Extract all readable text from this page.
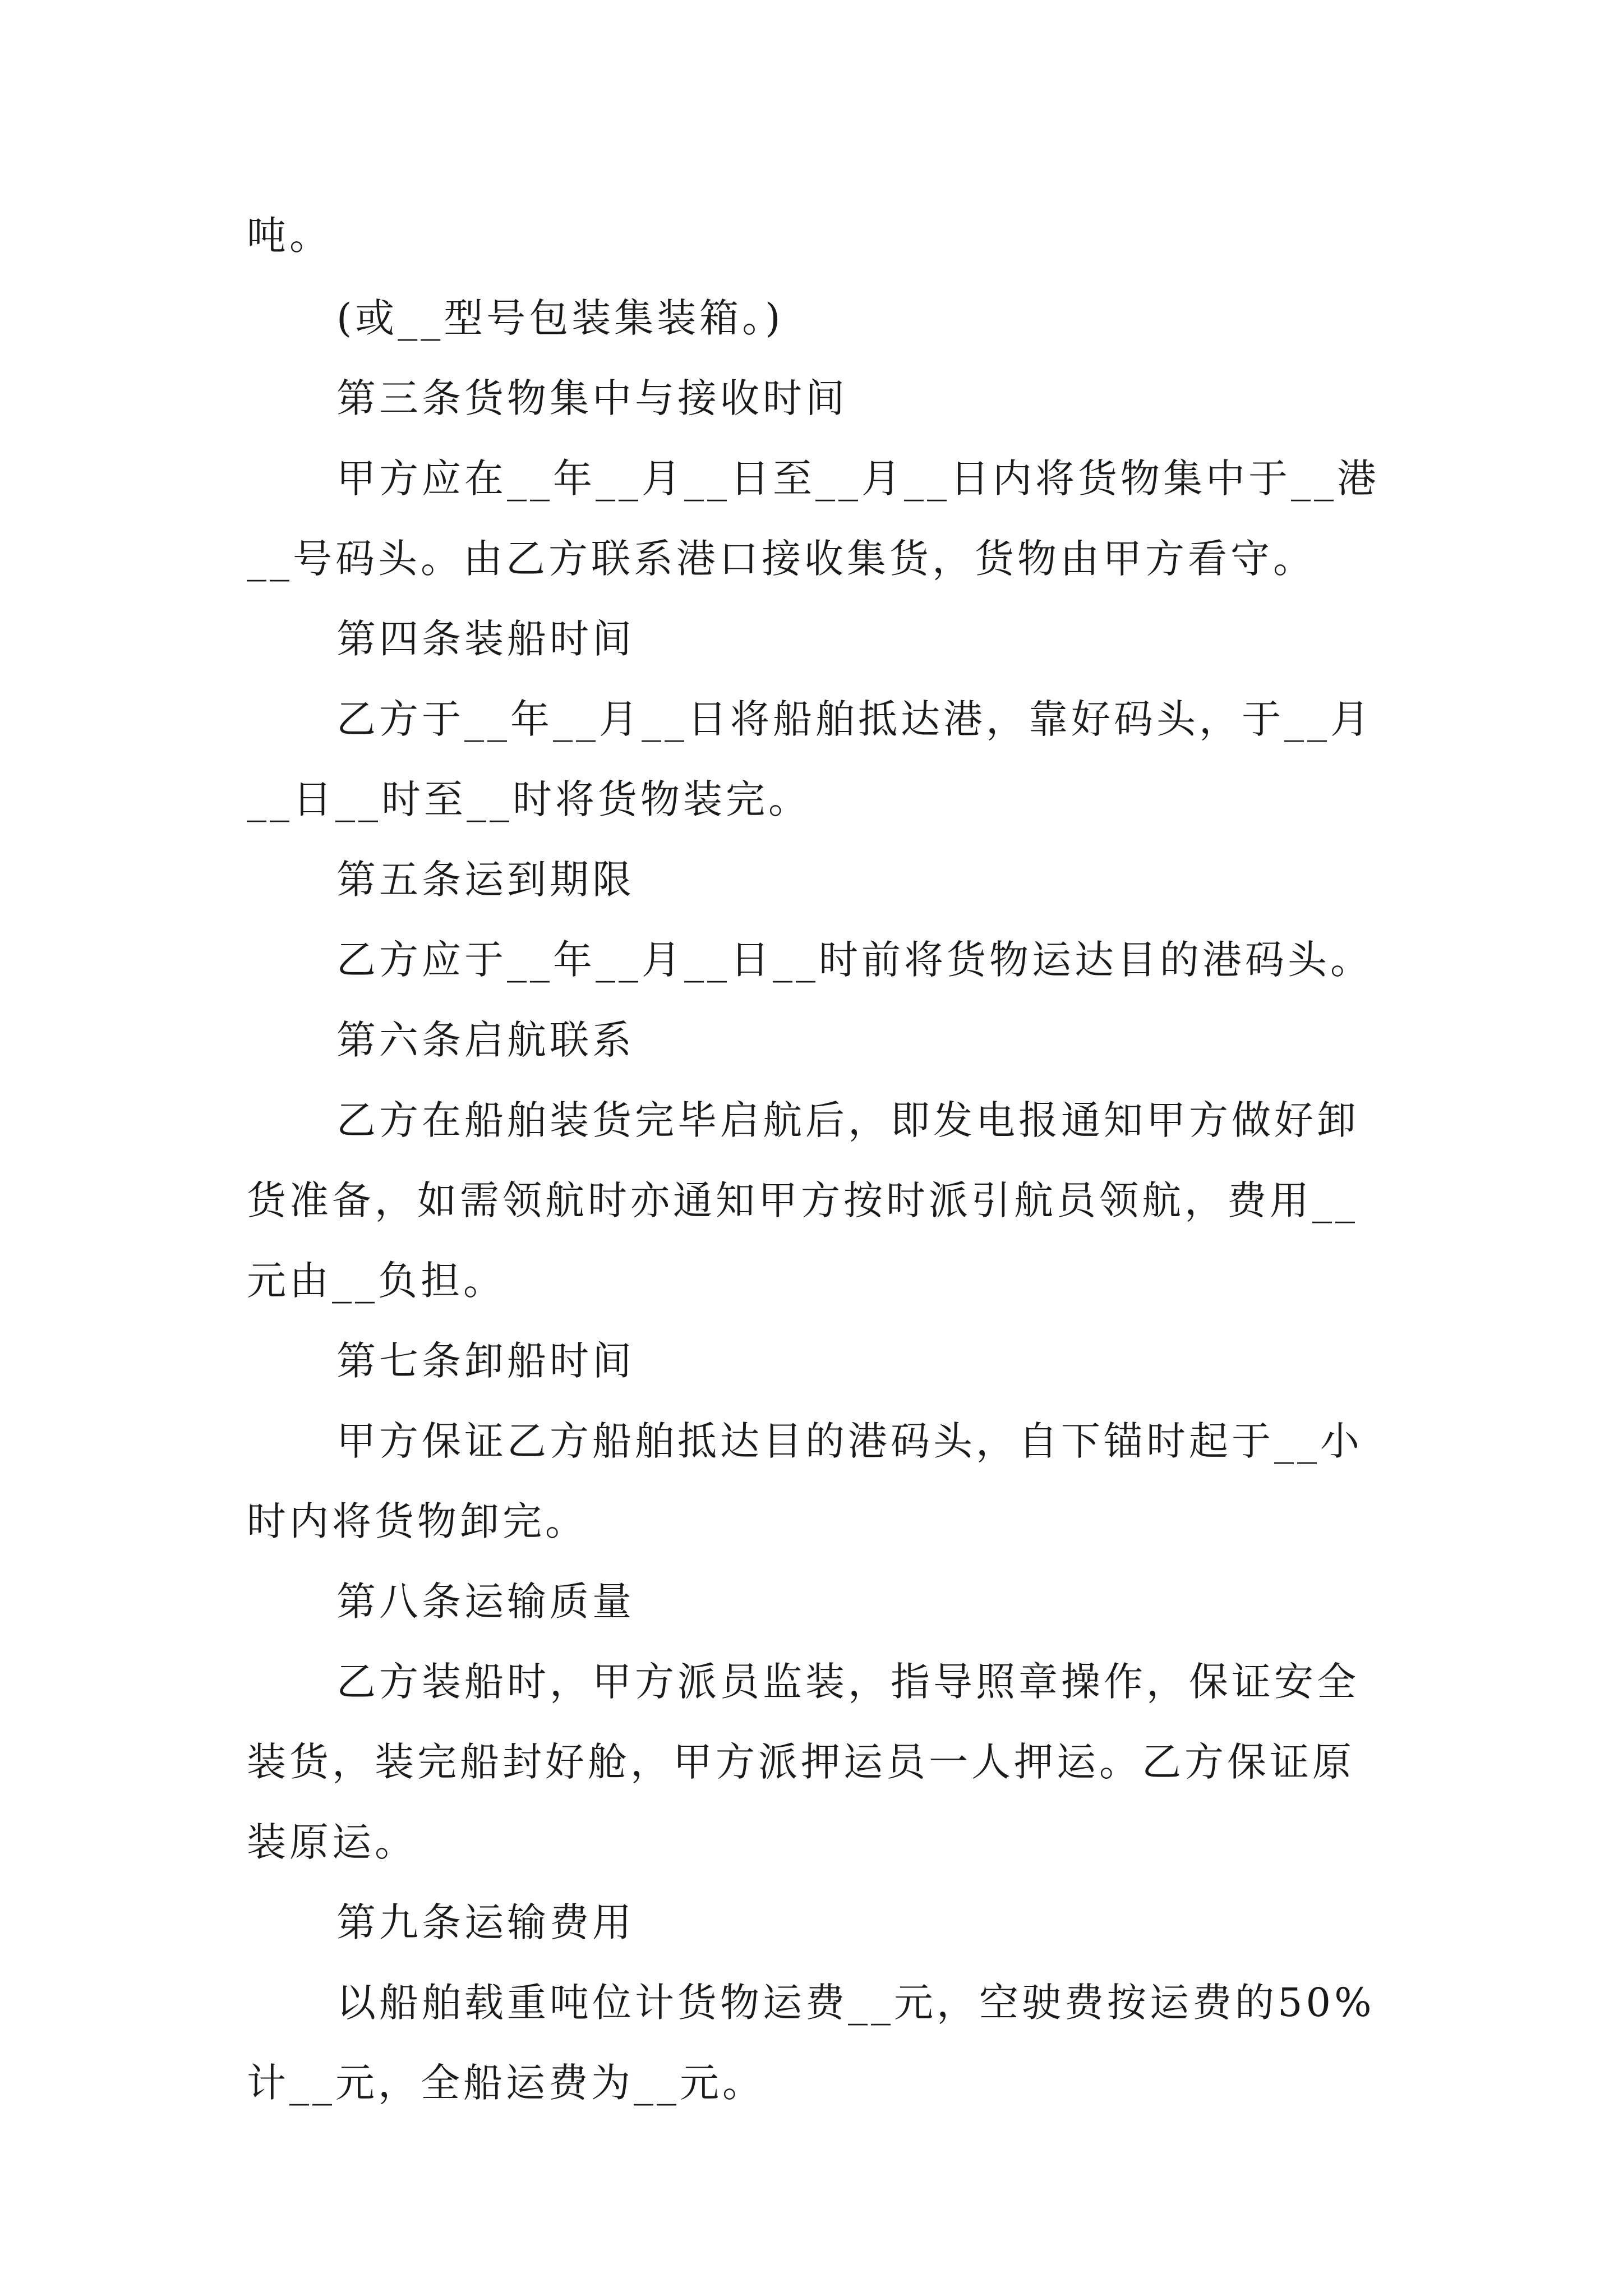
吨。
(或__型号包装集装箱。)
第三条货物集中与接收时间
甲方应在__年__月__日至__月__日内将货物集中于__港
__号码头。由乙方联系港口接收集货，货物由甲方看守。
第四条装船时间
乙方于__年__月__日将船舶抵达港，靠好码头，于__月
__日__时至__时将货物装完。
第五条运到期限
乙方应于__年__月__日__时前将货物运达目的港码头。
第六条启航联系
乙方在船舶装货完毕启航后，即发电报通知甲方做好卸
货准备，如需领航时亦通知甲方按时派引航员领航，费用__
元由__负担。
第七条卸船时间
甲方保证乙方船舶抵达目的港码头，自下锚时起于__小
时内将货物卸完。
第八条运输质量
乙方装船时，甲方派员监装，指导照章操作，保证安全
装货，装完船封好舱，甲方派押运员一人押运。乙方保证原
装原运。
第九条运输费用
以船舶载重吨位计货物运费__元，空驶费按运费的50%
计__元，全船运费为__元。
